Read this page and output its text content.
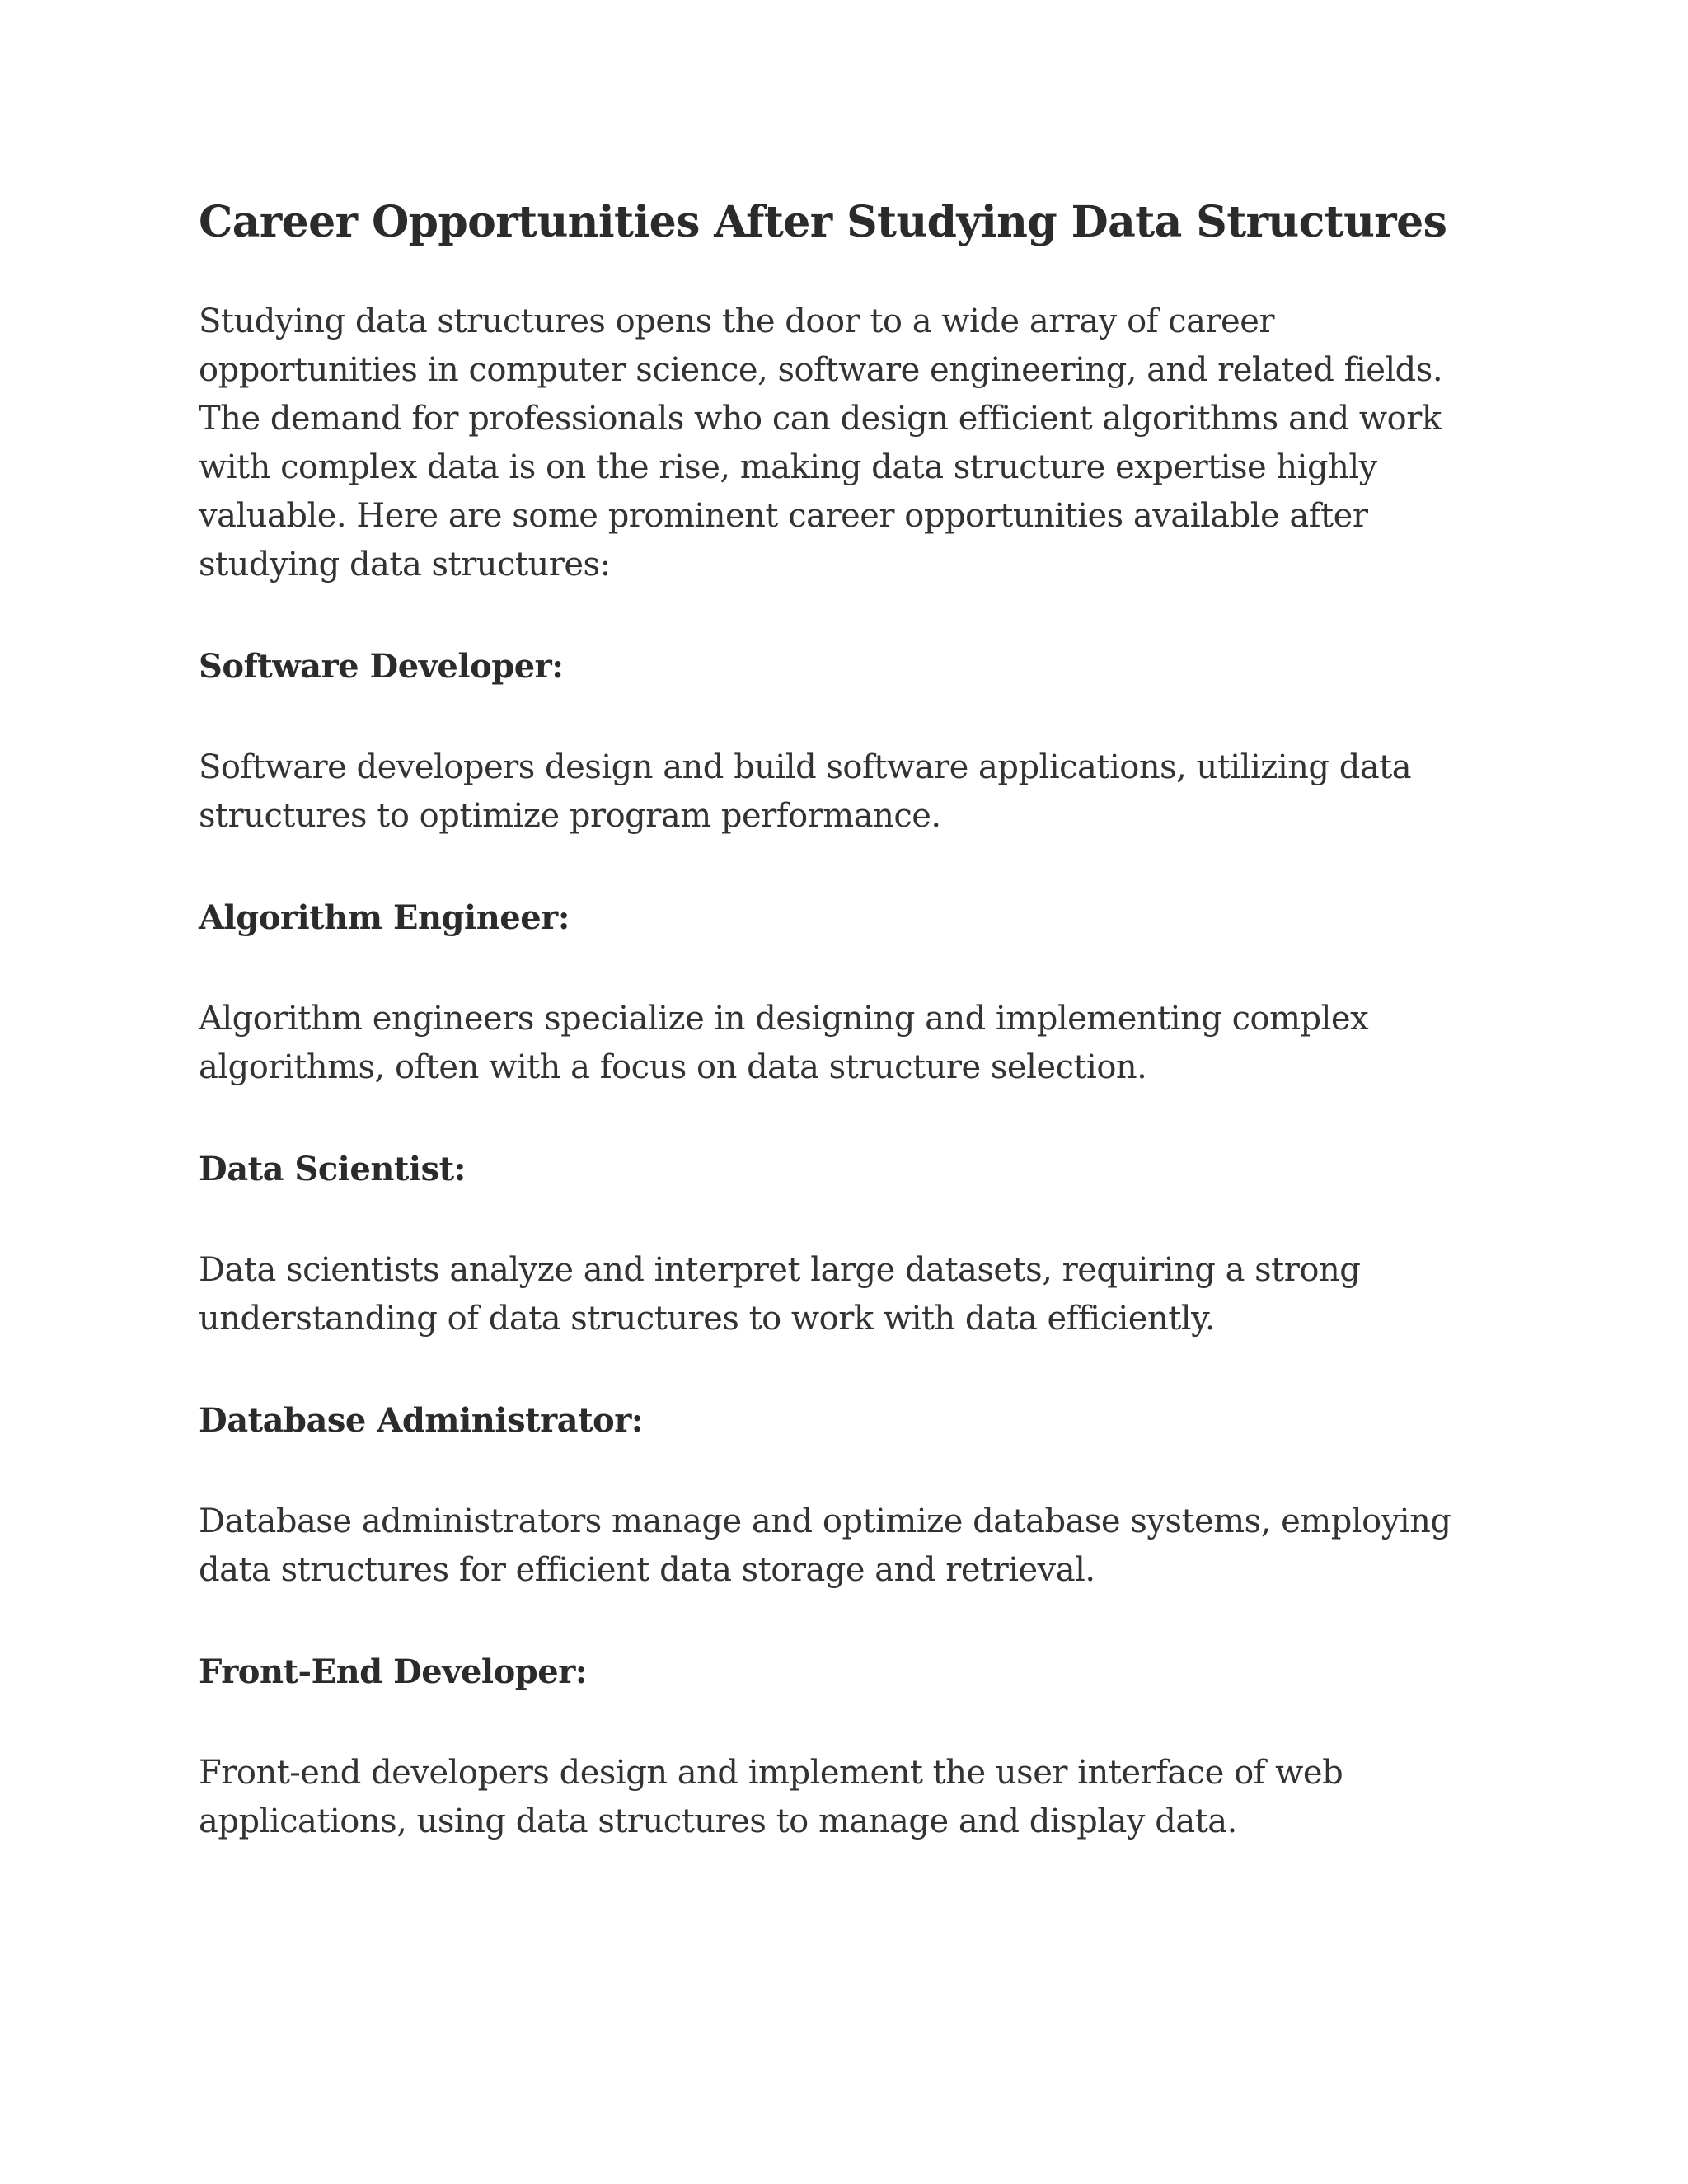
Career Opportunities After Studying Data Structures

Studying data structures opens the door to a wide array of career opportunities in computer science, software engineering, and related fields. The demand for professionals who can design efficient algorithms and work with complex data is on the rise, making data structure expertise highly valuable. Here are some prominent career opportunities available after studying data structures:

Software Developer:

Software developers design and build software applications, utilizing data structures to optimize program performance.

Algorithm Engineer:

Algorithm engineers specialize in designing and implementing complex algorithms, often with a focus on data structure selection.

Data Scientist:

Data scientists analyze and interpret large datasets, requiring a strong understanding of data structures to work with data efficiently.

Database Administrator:

Database administrators manage and optimize database systems, employing data structures for efficient data storage and retrieval.

Front-End Developer:

Front-end developers design and implement the user interface of web applications, using data structures to manage and display data.
